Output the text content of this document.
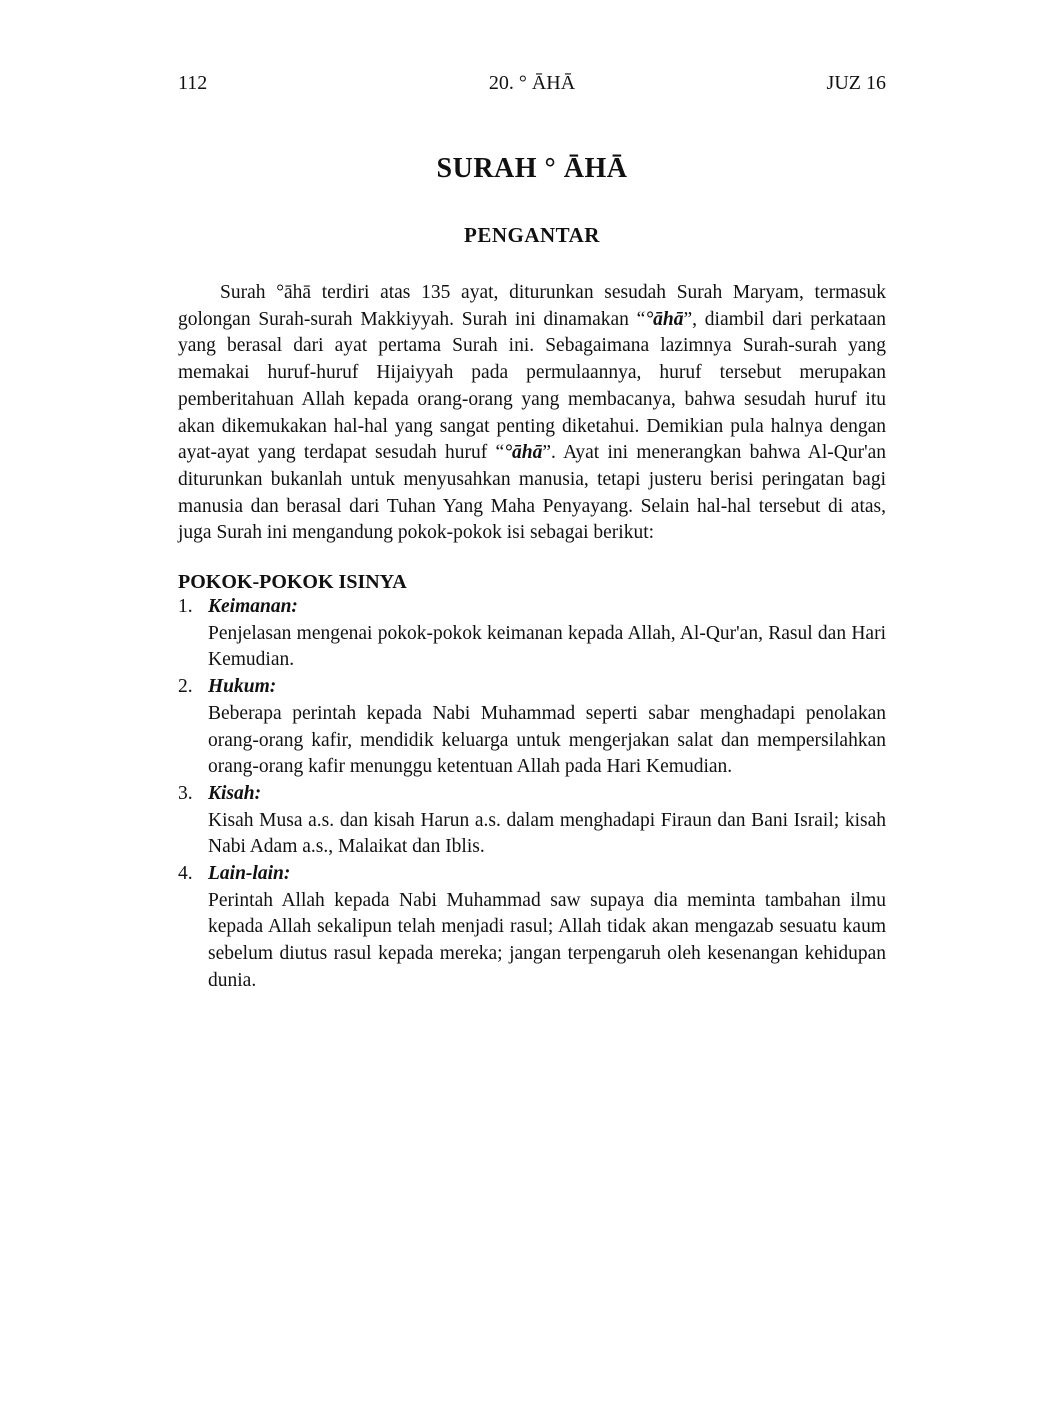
112	20. ° ĀHĀ	JUZ 16
SURAH ° ĀHĀ
PENGANTAR

Surah °āhā terdiri atas 135 ayat, diturunkan sesudah Surah Maryam, termasuk golongan Surah-surah Makkiyyah. Surah ini dinamakan “°āhā”, diambil dari perkataan yang berasal dari ayat pertama Surah ini. Sebagaimana lazimnya Surah-surah yang memakai huruf-huruf Hijaiyyah pada permulaannya, huruf tersebut merupakan pemberitahuan Allah kepada orang-orang yang membacanya, bahwa sesudah huruf itu akan dikemukakan hal-hal yang sangat penting diketahui. Demikian pula halnya dengan ayat-ayat yang terdapat sesudah huruf “°āhā”. Ayat ini menerangkan bahwa Al-Qur'an diturunkan bukanlah untuk menyusahkan manusia, tetapi justeru berisi peringatan bagi manusia dan berasal dari Tuhan Yang Maha Penyayang. Selain hal-hal tersebut di atas, juga Surah ini mengandung pokok-pokok isi sebagai berikut:

POKOK-POKOK ISINYA
1. Keimanan:
Penjelasan mengenai pokok-pokok keimanan kepada Allah, Al-Qur'an, Rasul dan Hari Kemudian.
2. Hukum:
Beberapa perintah kepada Nabi Muhammad seperti sabar menghadapi penolakan orang-orang kafir, mendidik keluarga untuk mengerjakan salat dan mempersilahkan orang-orang kafir menunggu ketentuan Allah pada Hari Kemudian.
3. Kisah:
Kisah Musa a.s. dan kisah Harun a.s. dalam menghadapi Firaun dan Bani Israil; kisah Nabi Adam a.s., Malaikat dan Iblis.
4. Lain-lain:
Perintah Allah kepada Nabi Muhammad saw supaya dia meminta tambahan ilmu kepada Allah sekalipun telah menjadi rasul; Allah tidak akan mengazab sesuatu kaum sebelum diutus rasul kepada mereka; jangan terpengaruh oleh kesenangan kehidupan dunia.
